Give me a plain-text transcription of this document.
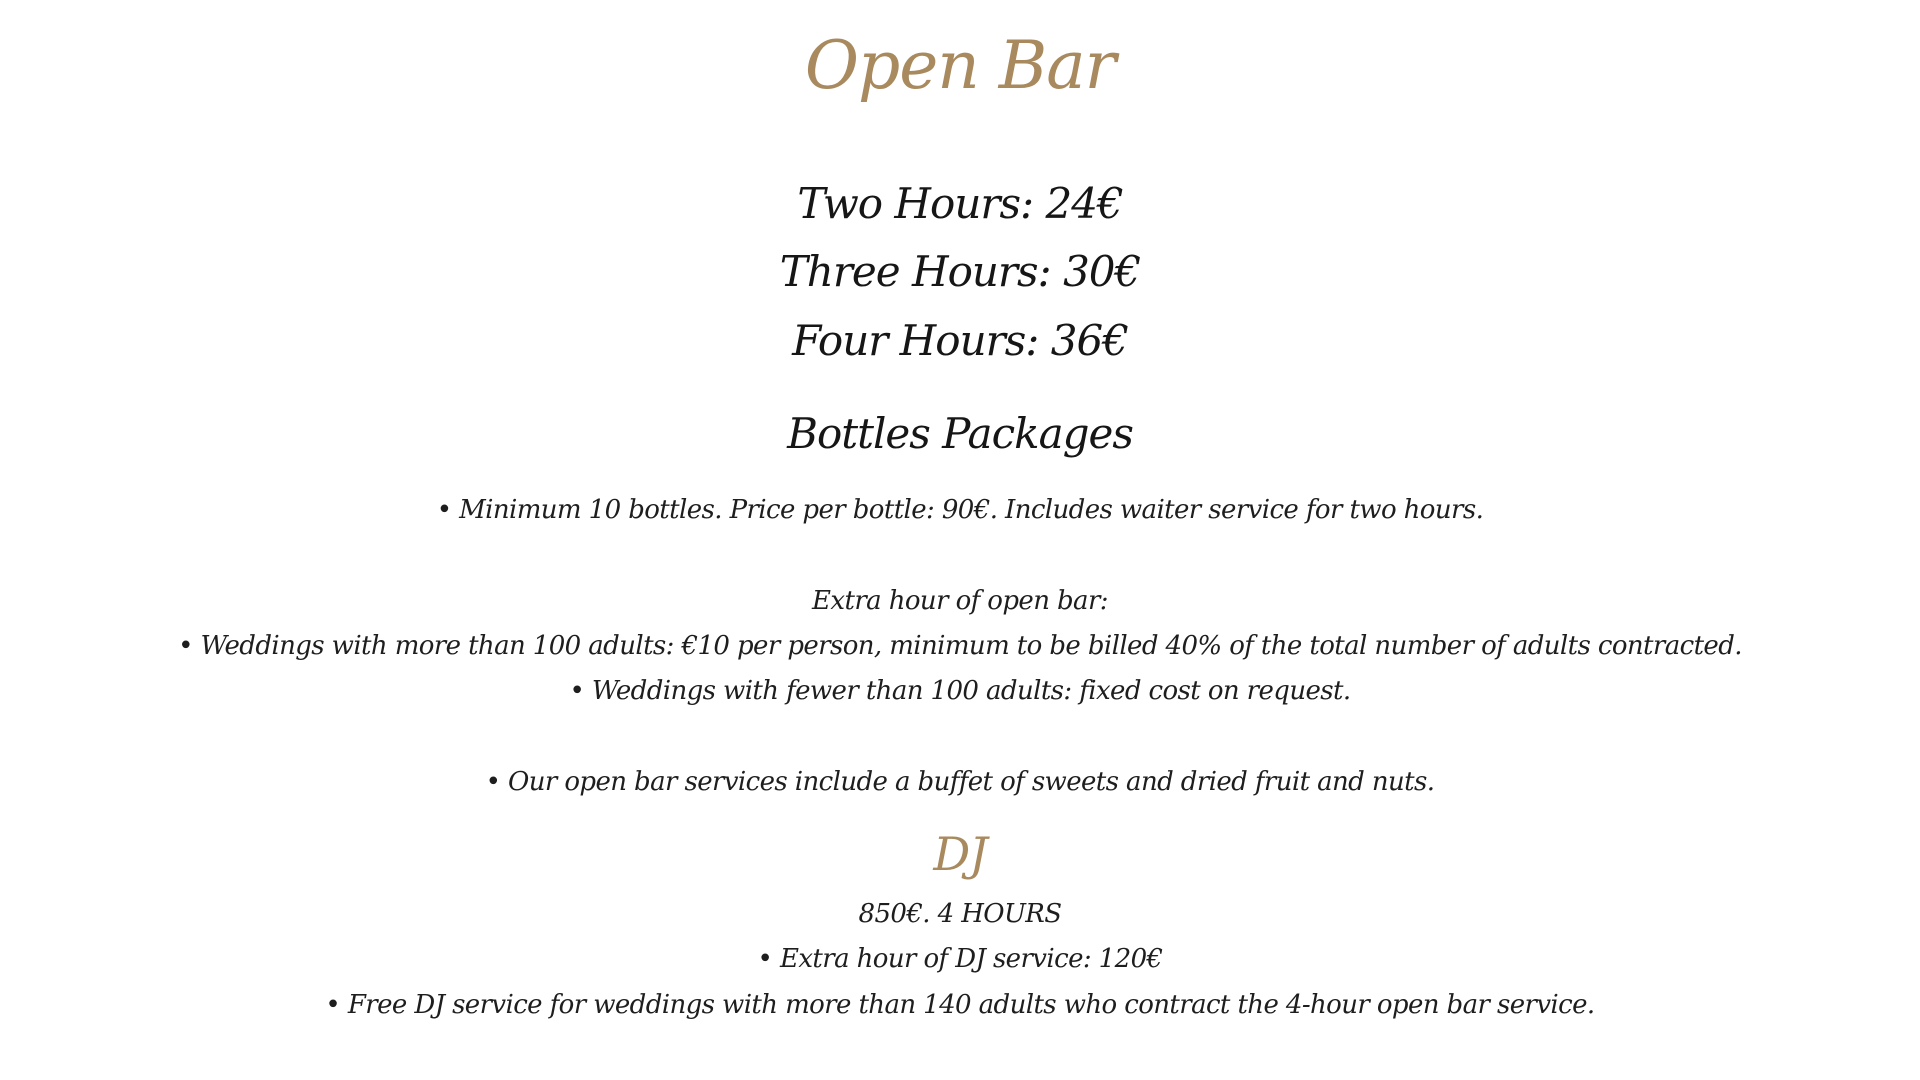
Open Bar
Two Hours: 24€
Three Hours: 30€
Four Hours: 36€
Bottles Packages
• Minimum 10 bottles. Price per bottle: 90€. Includes waiter service for two hours.
Extra hour of open bar:
• Weddings with more than 100 adults: €10 per person, minimum to be billed 40% of the total number of adults contracted.
• Weddings with fewer than 100 adults: fixed cost on request.
• Our open bar services include a buffet of sweets and dried fruit and nuts.
DJ
850€. 4 HOURS
• Extra hour of DJ service: 120€
• Free DJ service for weddings with more than 140 adults who contract the 4-hour open bar service.
